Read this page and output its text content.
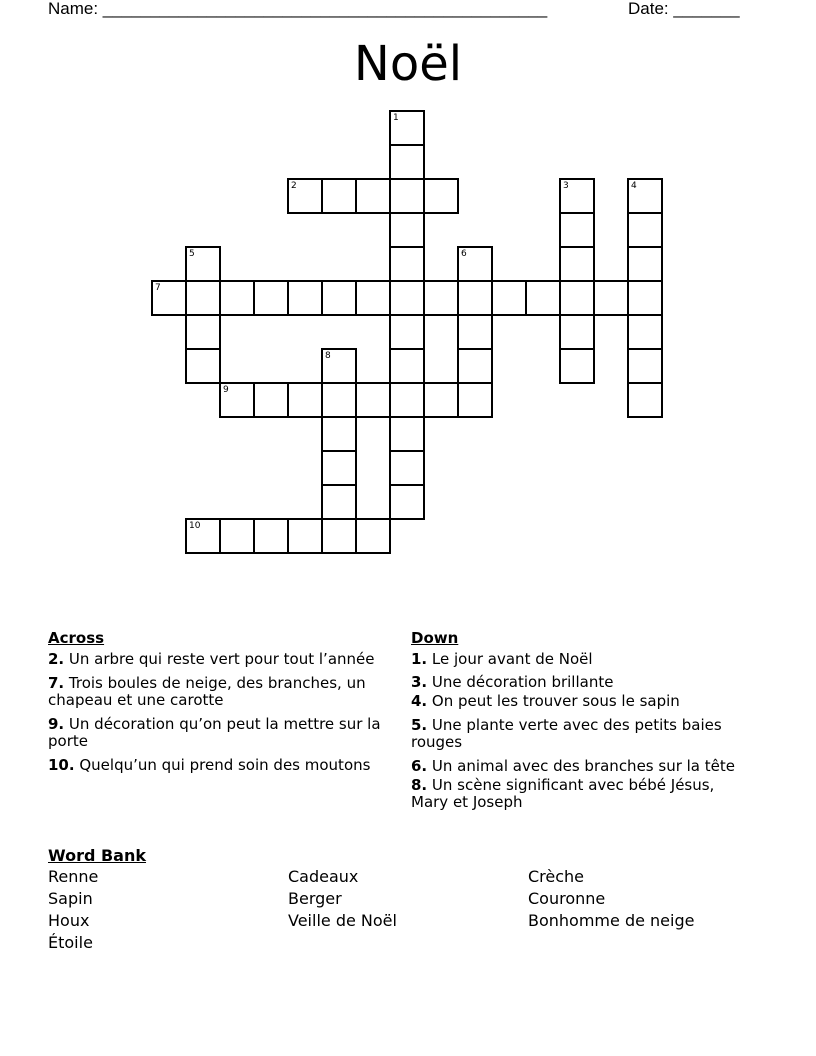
Name: _______________________________________________	Date: _______
Noël
1
2	3	4
5	6
7
8
9
10
Across
2. Un arbre qui reste vert pour tout l’année
7. Trois boules de neige, des branches, un chapeau et une carotte
9. Un décoration qu’on peut la mettre sur la porte
10. Quelqu’un qui prend soin des moutons
Down
1. Le jour avant de Noël
3. Une décoration brillante
4. On peut les trouver sous le sapin
5. Une plante verte avec des petits baies rouges
6. Un animal avec des branches sur la tête
8. Un scène significant avec bébé Jésus, Mary et Joseph
Word Bank
Renne	Cadeaux	Crèche
Sapin	Berger	Couronne
Houx	Veille de Noël	Bonhomme de neige
Étoile
